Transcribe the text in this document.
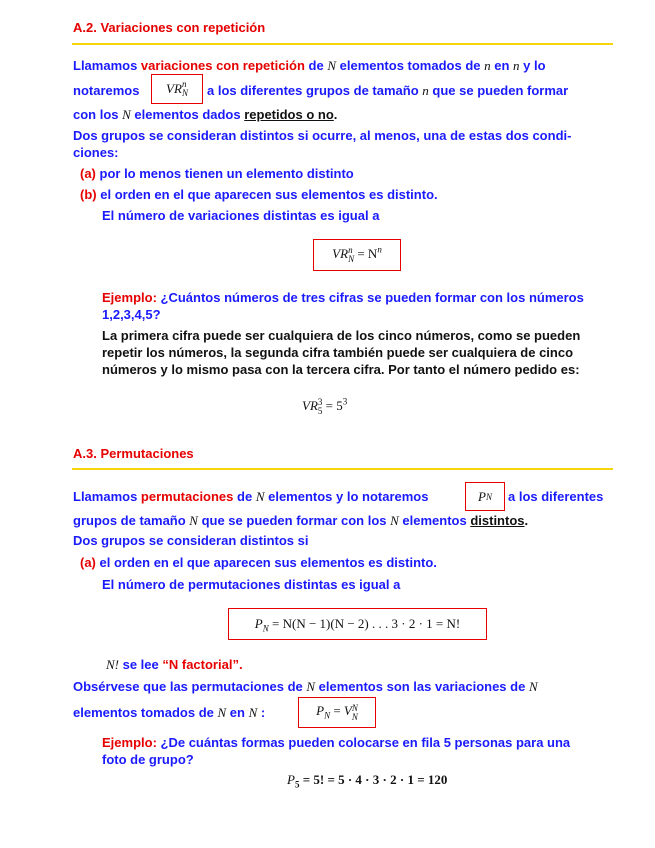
A.2. Variaciones con repetición
Llamamos variaciones con repetición de N elementos tomados de n en n y lo
notaremos VR n
N a los diferentes grupos de tamaño n que se pueden formar
con los N elementos dados repetidos o no.
Dos grupos se consideran distintos si ocurre, al menos, una de estas dos condi-
ciones:
(a) por lo menos tienen un elemento distinto
(b) el orden en el que aparecen sus elementos es distinto.
El número de variaciones distintas es igual a
VR n
$N = N^n$
Ejemplo: ¿Cuántos números de tres cifras se pueden formar con los números
1,2,3,4,5?
La primera cifra puede ser cualquiera de los cinco números, como se pueden
repetir los números, la segunda cifra también puede ser cualquiera de cinco
números y lo mismo pasa con la tercera cifra. Por tanto el número pedido es:
VR 3
$5 = 5^3$
A.3. Permutaciones
Llamamos permutaciones de N elementos y lo notaremos	P N a los diferentes
grupos de tamaño N que se pueden formar con los N elementos distintos.
Dos grupos se consideran distintos si
(a) el orden en el que aparecen sus elementos es distinto.
El número de permutaciones distintas es igual a
$P_N = N(N - 1)(N - 2)$ . . . 3 · 2 · 1 = N!
N! se lee “N factorial”.
Obsérvese que las permutaciones de N elementos son las variaciones de N
elementos tomados de N en N :	$P_N = V$ N
N
Ejemplo: ¿De cuántas formas pueden colocarse en fila 5 personas para una
foto de grupo?
$P_5 = 5$! = 5 · 4 · 3 · 2 · 1 = 120
